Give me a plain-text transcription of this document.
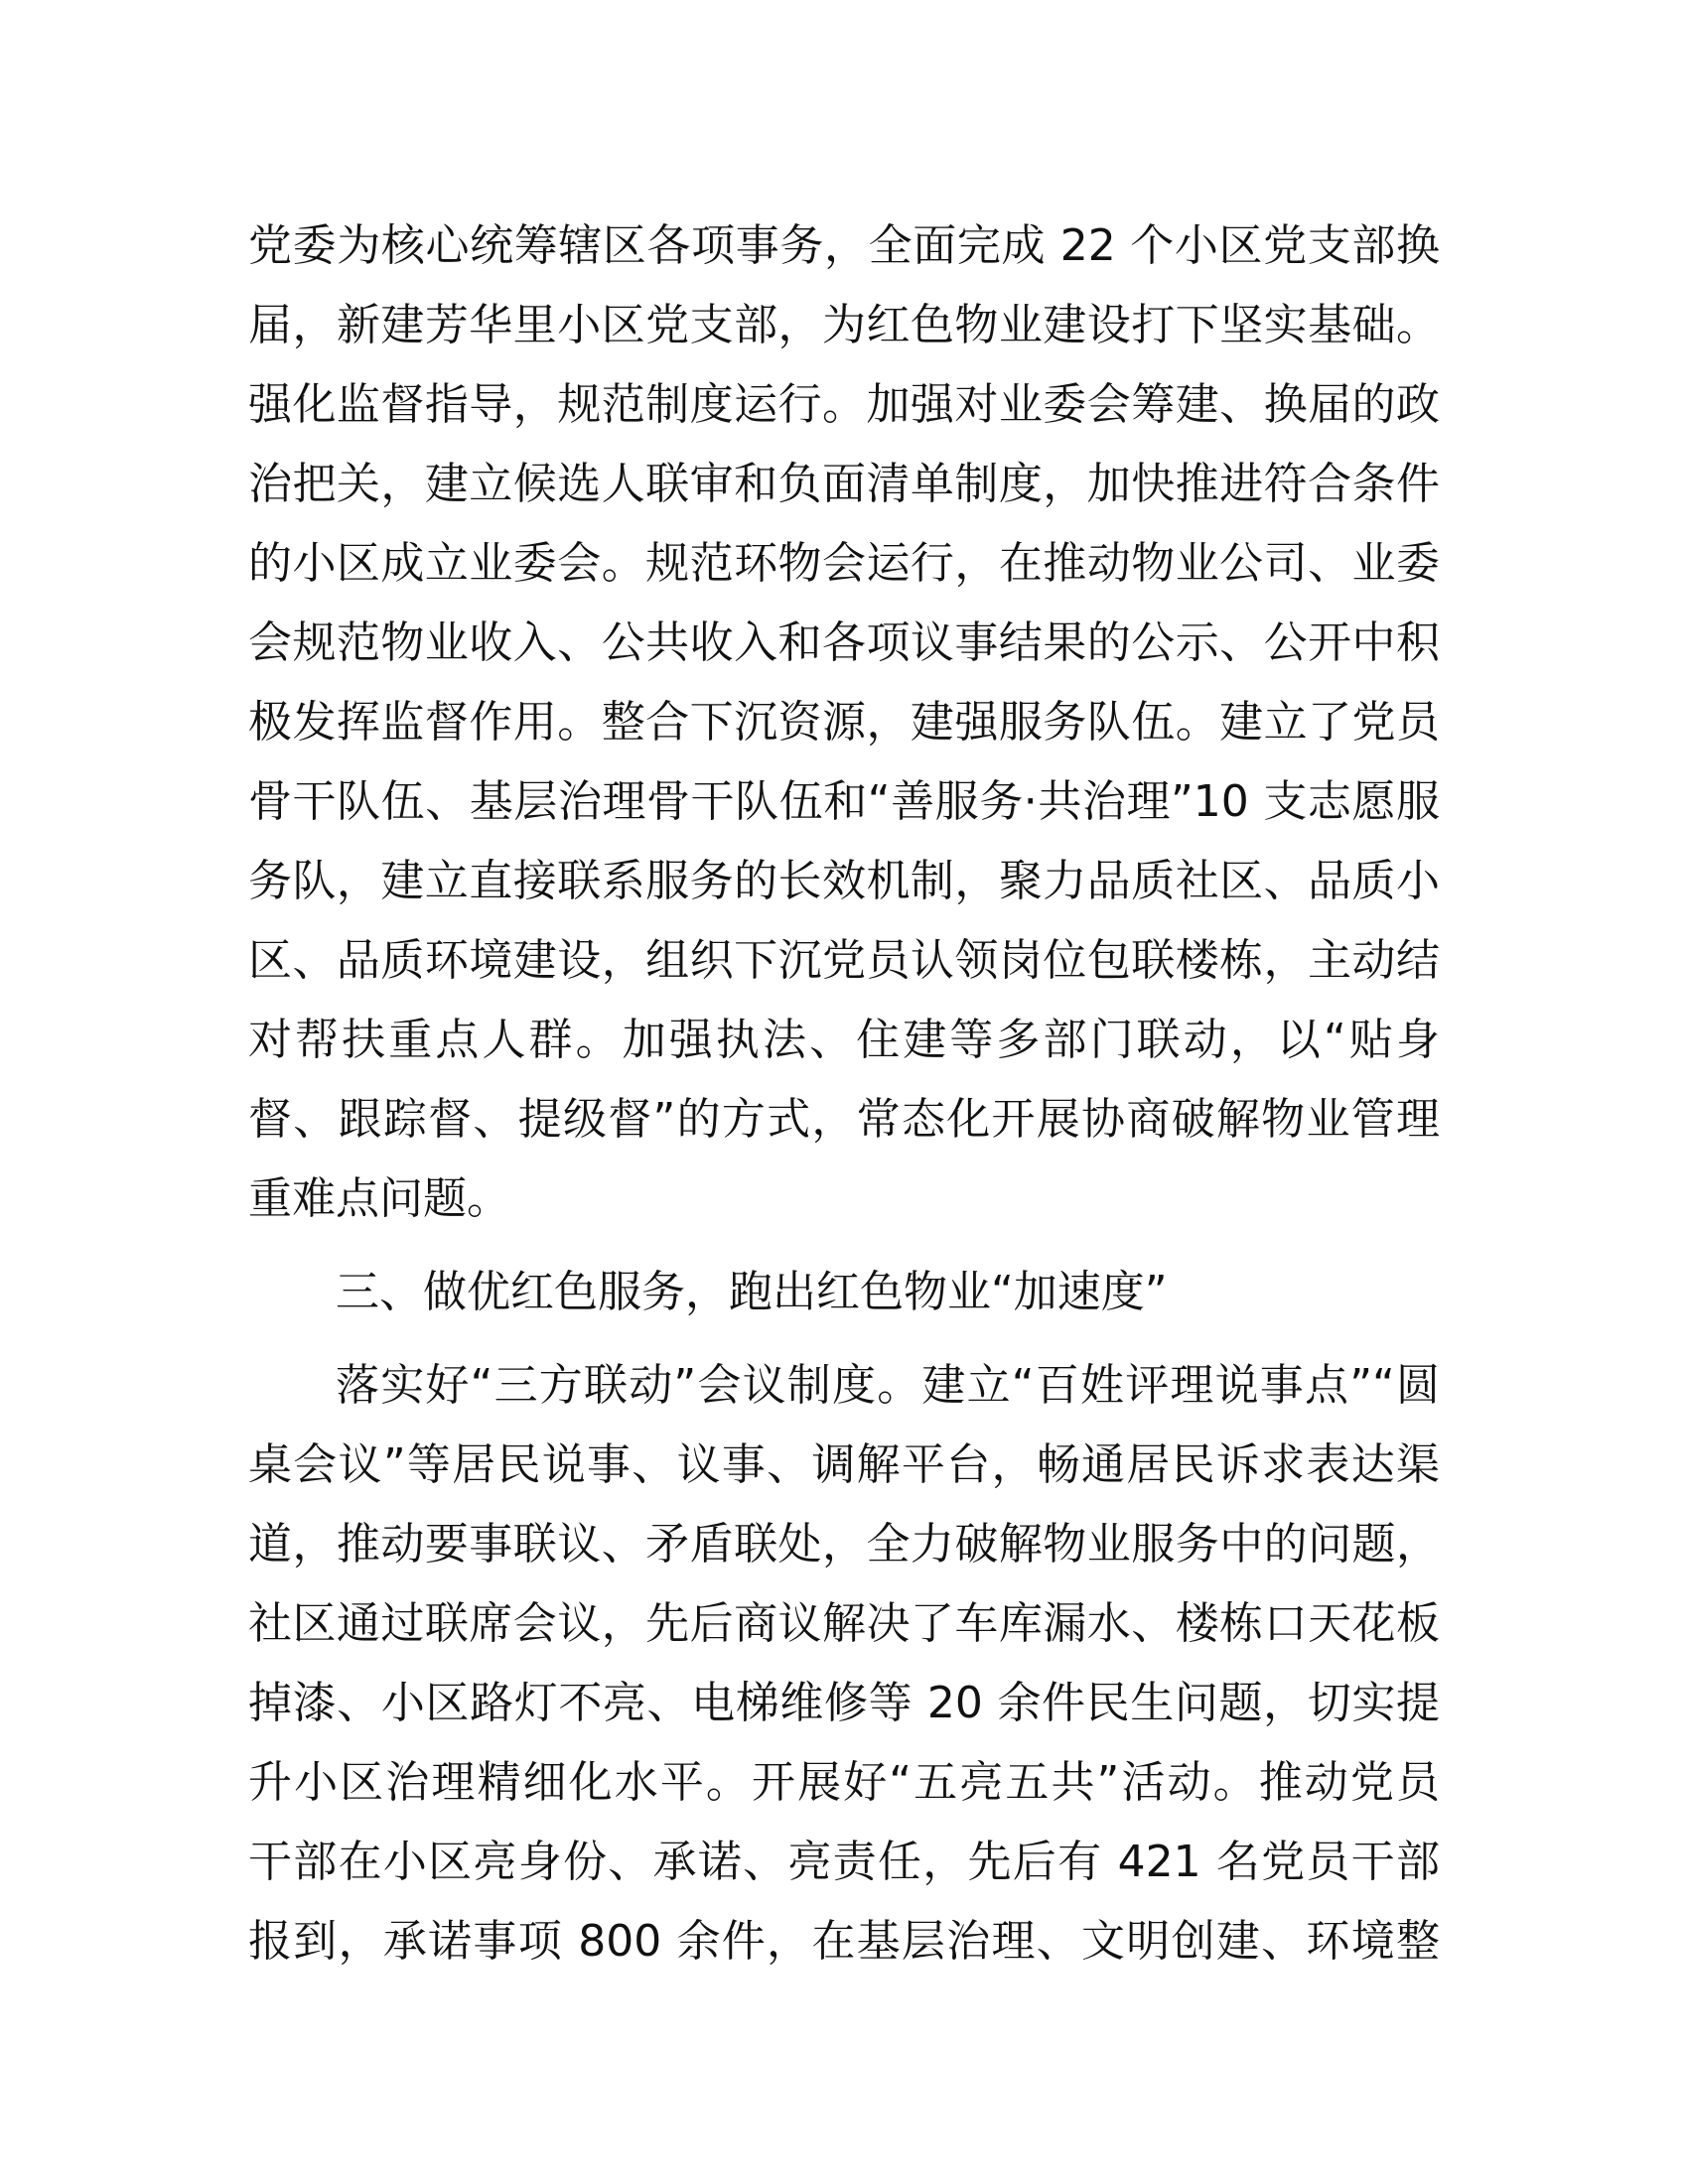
党委为核心统筹辖区各项事务，全面完成 22 个小区党支部换
届，新建芳华里小区党支部，为红色物业建设打下坚实基础。
强化监督指导，规范制度运行。加强对业委会筹建、换届的政
治把关，建立候选人联审和负面清单制度，加快推进符合条件
的小区成立业委会。规范环物会运行，在推动物业公司、业委
会规范物业收入、公共收入和各项议事结果的公示、公开中积
极发挥监督作用。整合下沉资源，建强服务队伍。建立了党员
骨干队伍、基层治理骨干队伍和“善服务·共治理”10 支志愿服
务队，建立直接联系服务的长效机制，聚力品质社区、品质小
区、品质环境建设，组织下沉党员认领岗位包联楼栋，主动结
对帮扶重点人群。加强执法、住建等多部门联动，以“贴身
督、跟踪督、提级督”的方式，常态化开展协商破解物业管理
重难点问题。
三、做优红色服务，跑出红色物业“加速度”
落实好“三方联动”会议制度。建立“百姓评理说事点”“圆
桌会议”等居民说事、议事、调解平台，畅通居民诉求表达渠
道，推动要事联议、矛盾联处，全力破解物业服务中的问题，
社区通过联席会议，先后商议解决了车库漏水、楼栋口天花板
掉漆、小区路灯不亮、电梯维修等 20 余件民生问题，切实提
升小区治理精细化水平。开展好“五亮五共”活动。推动党员
干部在小区亮身份、承诺、亮责任，先后有 421 名党员干部
报到，承诺事项 800 余件，在基层治理、文明创建、环境整
